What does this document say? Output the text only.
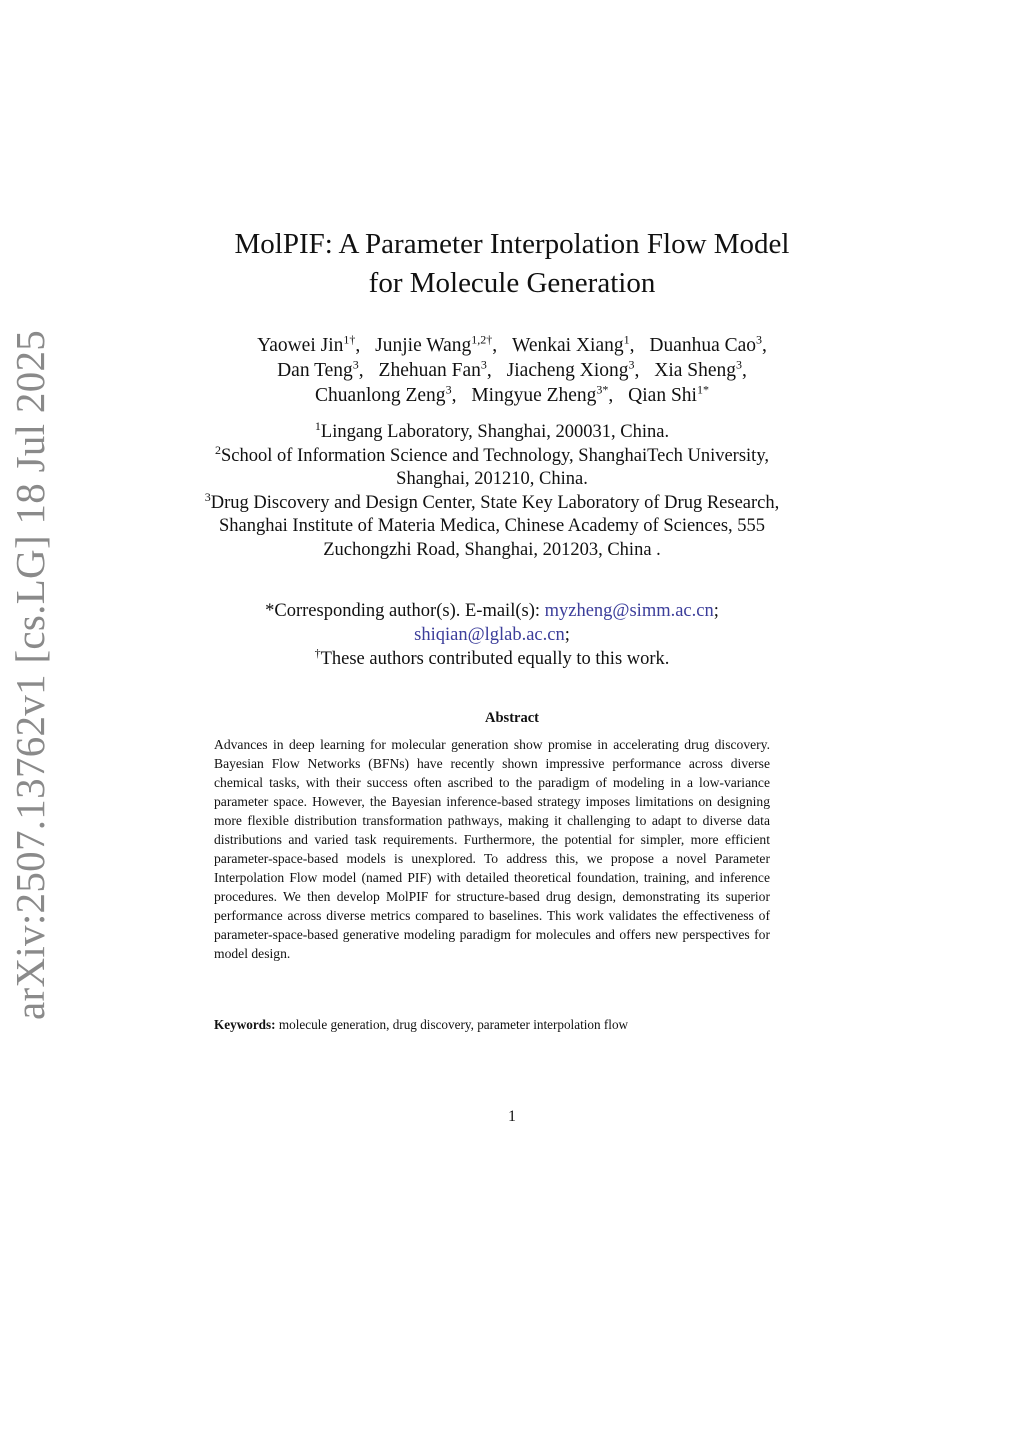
arXiv:2507.13762v1 [cs.LG] 18 Jul 2025
MolPIF: A Parameter Interpolation Flow Model
for Molecule Generation
Yaowei Jin$^{1\dagger}$, Junjie Wang$^{1,2\dagger}$, Wenkai Xiang$^1$, Duanhua Cao$^3$,
Dan Teng$^3$, Zhehuan Fan$^3$, Jiacheng Xiong$^3$, Xia Sheng$^3$,
Chuanlong Zeng$^3$, Mingyue Zheng$^{3*}$, Qian Shi$^{1*}$

$^1$Lingang Laboratory, Shanghai, 200031, China.

$^2$School of Information Science and Technology, ShanghaiTech University, Shanghai, 201210, China.

$^3$Drug Discovery and Design Center, State Key Laboratory of Drug Research, Shanghai Institute of Materia Medica, Chinese Academy of Sciences, 555 Zuchongzhi Road, Shanghai, 201203, China .

*Corresponding author(s). E-mail(s): myzheng@simm.ac.cn;
shiqian@lglab.ac.cn;

†These authors contributed equally to this work.

Abstract
Advances in deep learning for molecular generation show promise in accelerating drug discovery. Bayesian Flow Networks (BFNs) have recently shown impressive performance across diverse chemical tasks, with their success often ascribed to the paradigm of modeling in a low-variance parameter space. However, the Bayesian inference-based strategy imposes limitations on designing more flexible distribution transformation pathways, making it challenging to adapt to diverse data distributions and varied task requirements. Furthermore, the potential for simpler, more efficient parameter-space-based models is unexplored. To address this, we propose a novel Parameter Interpolation Flow model (named PIF) with detailed theoretical foundation, training, and inference procedures. We then develop MolPIF for structure-based drug design, demonstrating its superior performance across diverse metrics compared to baselines. This work validates the effectiveness of parameter-space-based generative modeling paradigm for molecules and offers new perspectives for model design.
Keywords: molecule generation, drug discovery, parameter interpolation flow
1
